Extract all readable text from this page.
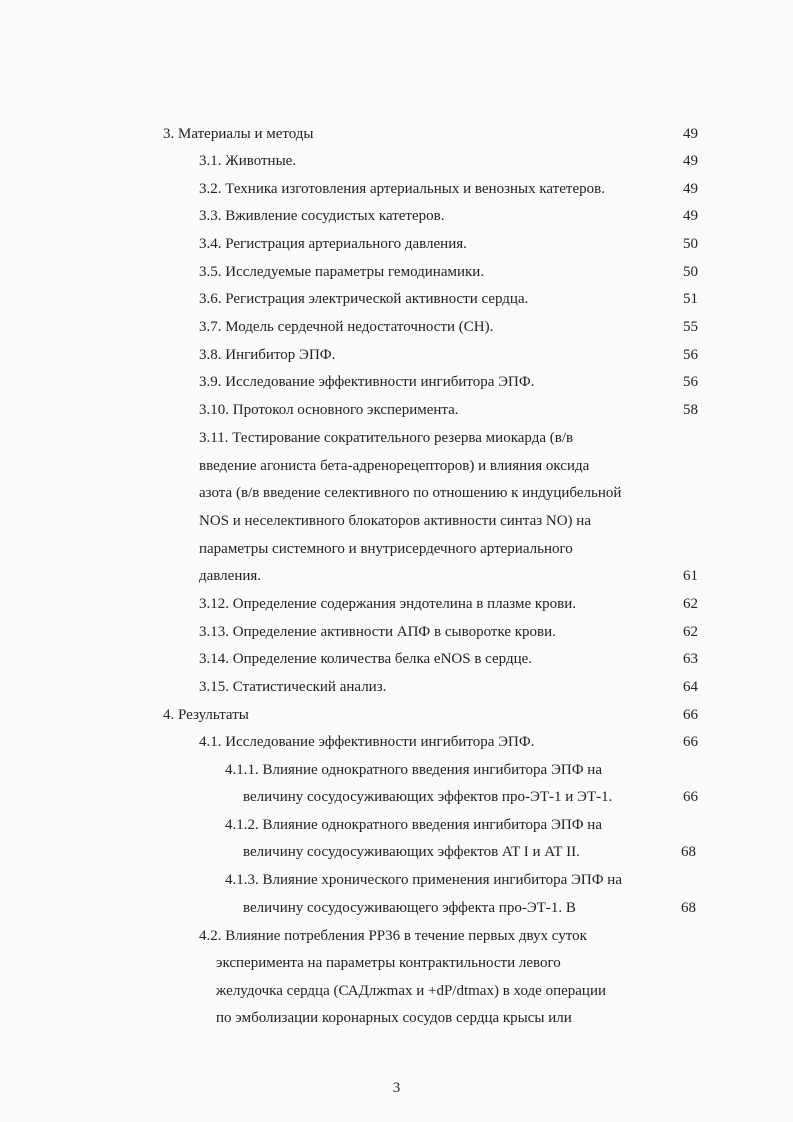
3. Материалы и методы	49
3.1. Животные.	49
3.2. Техника изготовления артериальных и венозных катетеров.	49
3.3. Вживление сосудистых катетеров.	49
3.4. Регистрация артериального давления.	50
3.5. Исследуемые параметры гемодинамики.	50
3.6. Регистрация электрической активности сердца.	51
3.7. Модель сердечной недостаточности (СН).	55
3.8. Ингибитор ЭПФ.	56
3.9. Исследование эффективности ингибитора ЭПФ.	56
3.10. Протокол основного эксперимента.	58
3.11. Тестирование сократительного резерва миокарда (в/в
введение агониста бета-адренорецепторов) и влияния оксида
азота (в/в введение селективного по отношению к индуцибельной
NOS и неселективного блокаторов активности синтаз NO) на
параметры системного и внутрисердечного артериального
давления.	61
3.12. Определение содержания эндотелина в плазме крови.	62
3.13. Определение активности АПФ в сыворотке крови.	62
3.14. Определение количества белка eNOS в сердце.	63
3.15. Статистический анализ.	64
4. Результаты	66
4.1. Исследование эффективности ингибитора ЭПФ.	66
4.1.1. Влияние однократного введения ингибитора ЭПФ на
величину сосудосуживающих эффектов про-ЭТ-1 и ЭТ-1.	66
4.1.2. Влияние однократного введения ингибитора ЭПФ на
величину сосудосуживающих эффектов AT I и AT II.	68
4.1.3. Влияние хронического применения ингибитора ЭПФ на
величину сосудосуживающего эффекта про-ЭТ-1. В	68
4.2. Влияние потребления PP36 в течение первых двух суток
эксперимента на параметры контрактильности левого
желудочка сердца (САДлжmax и +dP/dtmax) в ходе операции
по эмболизации коронарных сосудов сердца крысы или
3
